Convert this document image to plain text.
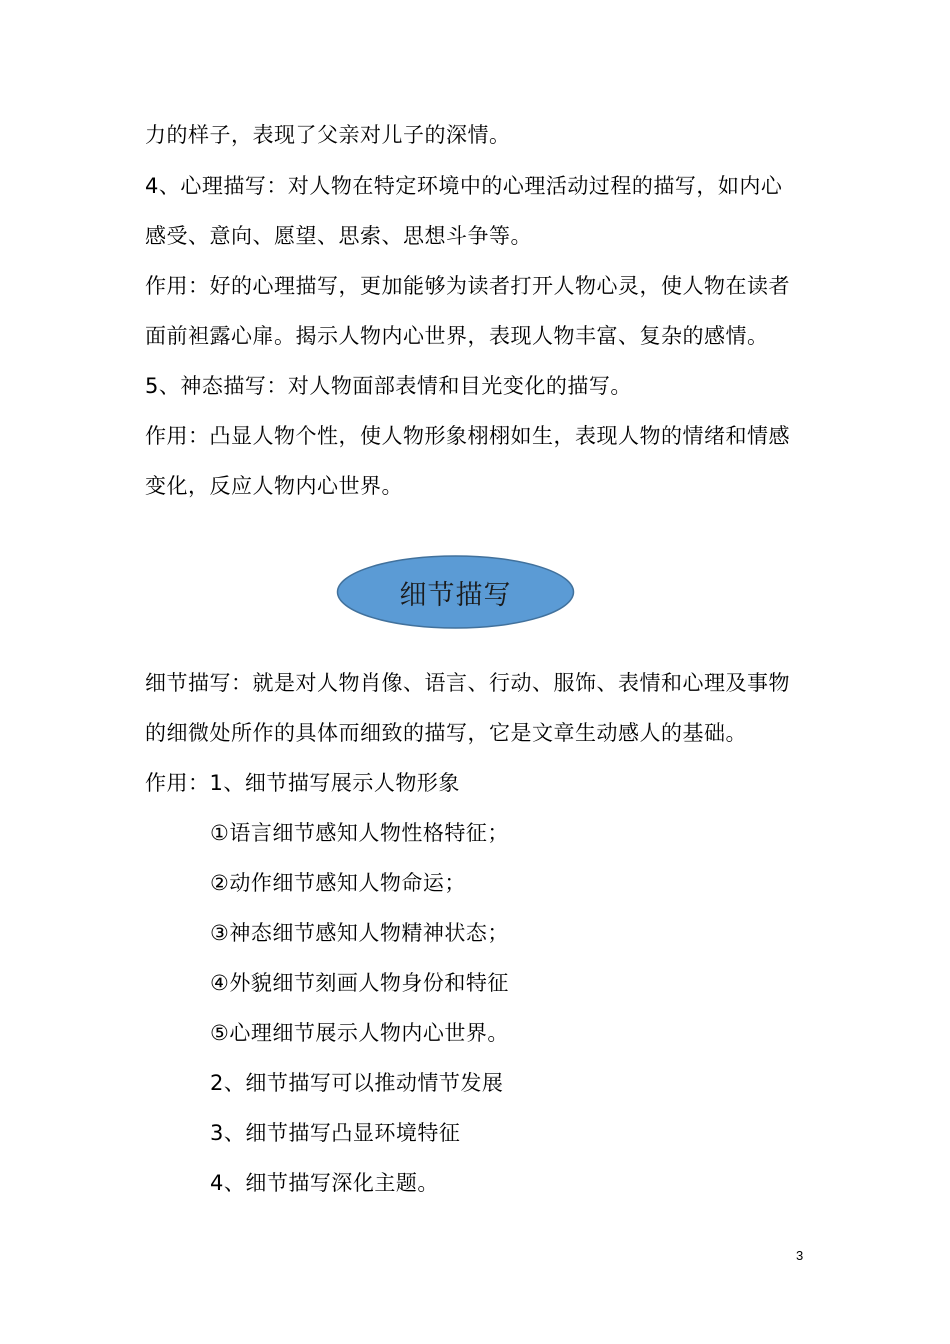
力的样子，表现了父亲对儿子的深情。
4、心理描写：对人物在特定环境中的心理活动过程的描写，如内心
感受、意向、愿望、思索、思想斗争等。
作用：好的心理描写，更加能够为读者打开人物心灵，使人物在读者
面前袒露心扉。揭示人物内心世界，表现人物丰富、复杂的感情。
5、神态描写：对人物面部表情和目光变化的描写。
作用：凸显人物个性，使人物形象栩栩如生，表现人物的情绪和情感
变化，反应人物内心世界。
细节描写
细节描写：就是对人物肖像、语言、行动、服饰、表情和心理及事物
的细微处所作的具体而细致的描写，它是文章生动感人的基础。
作用：1、细节描写展示人物形象
①语言细节感知人物性格特征；
②动作细节感知人物命运；
③神态细节感知人物精神状态；
④外貌细节刻画人物身份和特征
⑤心理细节展示人物内心世界。
2、细节描写可以推动情节发展
3、细节描写凸显环境特征
4、细节描写深化主题。
3
